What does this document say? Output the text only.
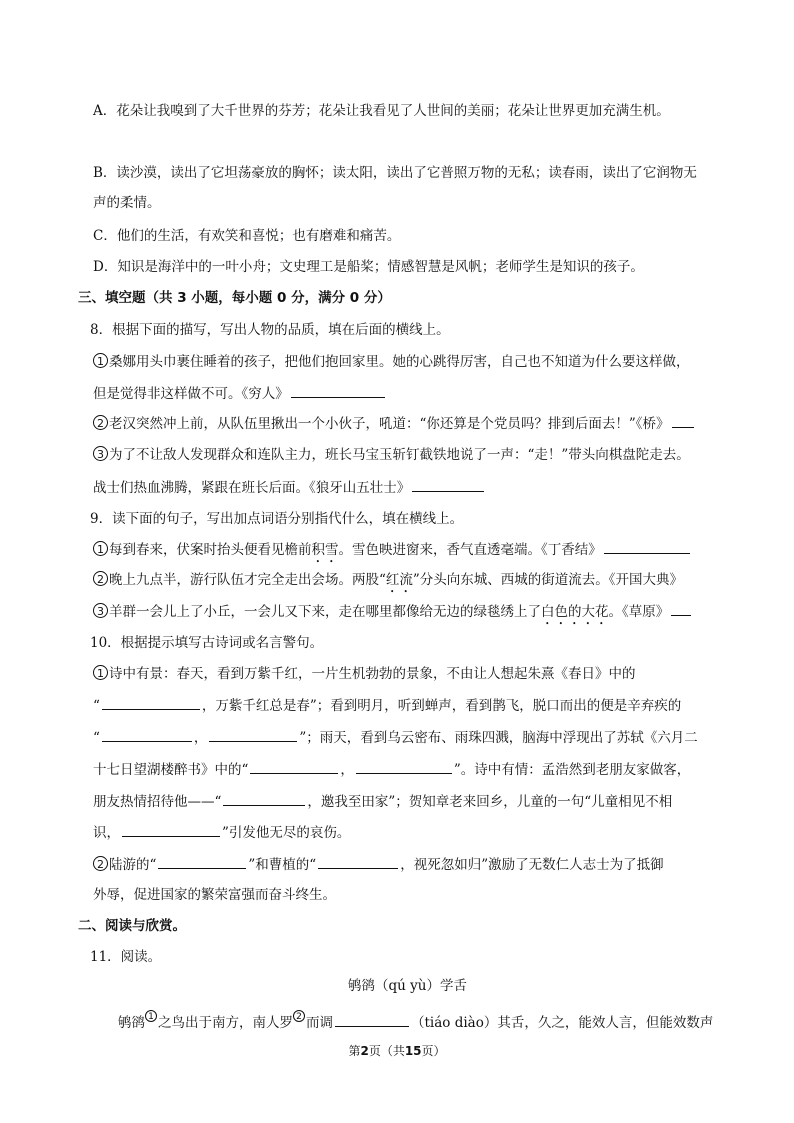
A．花朵让我嗅到了大千世界的芬芳；花朵让我看见了人世间的美丽；花朵让世界更加充满生机。
B．读沙漠，读出了它坦荡豪放的胸怀；读太阳，读出了它普照万物的无私；读春雨，读出了它润物无
声的柔情。
C．他们的生活，有欢笑和喜悦；也有磨难和痛苦。
D．知识是海洋中的一叶小舟；文史理工是船桨；情感智慧是风帆；老师学生是知识的孩子。
三、填空题（共 3 小题，每小题 0 分，满分 0 分）
8．根据下面的描写，写出人物的品质，填在后面的横线上。
1 桑娜用头巾裹住睡着的孩子，把他们抱回家里。她的心跳得厉害，自己也不知道为什么要这样做，
但是觉得非这样做不可。《穷人》
2 老汉突然冲上前，从队伍里揪出一个小伙子，吼道：“你还算是个党员吗？排到后面去！”《桥》
3 为了不让敌人发现群众和连队主力，班长马宝玉斩钉截铁地说了一声：“走！”带头向棋盘陀走去。
战士们热血沸腾，紧跟在班长后面。《狼牙山五壮士》
9．读下面的句子，写出加点词语分别指代什么，填在横线上。
1 每到春来，伏案时抬头便看见檐前积雪。雪色映进窗来，香气直透毫端。《丁香结》
2 晚上九点半，游行队伍才完全走出会场。两股“红流”分头向东城、西城的街道流去。《开国大典》
3 羊群一会儿上了小丘，一会儿又下来，走在哪里都像给无边的绿毯绣上了白色的大花。《草原》
10．根据提示填写古诗词或名言警句。
1 诗中有景：春天，看到万紫千红，一片生机勃勃的景象，不由让人想起朱熹《春日》中的
“	，万紫千红总是春”；看到明月，听到蝉声，看到鹊飞，脱口而出的便是辛弃疾的
“	，	”；雨天，看到乌云密布、雨珠四溅，脑海中浮现出了苏轼《六月二
十七日望湖楼醉书》中的“	，	”。诗中有情：孟浩然到老朋友家做客，
朋友热情招待他——“	，邀我至田家”；贺知章老来回乡，儿童的一句“儿童相见不相
识，	”引发他无尽的哀伤。
2 陆游的“	”和曹植的“	，视死忽如归”激励了无数仁人志士为了抵御
外辱，促进国家的繁荣富强而奋斗终生。
二、阅读与欣赏。
11．阅读。
鸲鹆（qú yù）学舌
鸲鹆 $^1$ 之鸟出于南方，南人罗 $^2$ 而调	（tiáo diào）其舌，久之，能效人言，但能效数声
第2页（共15页）
